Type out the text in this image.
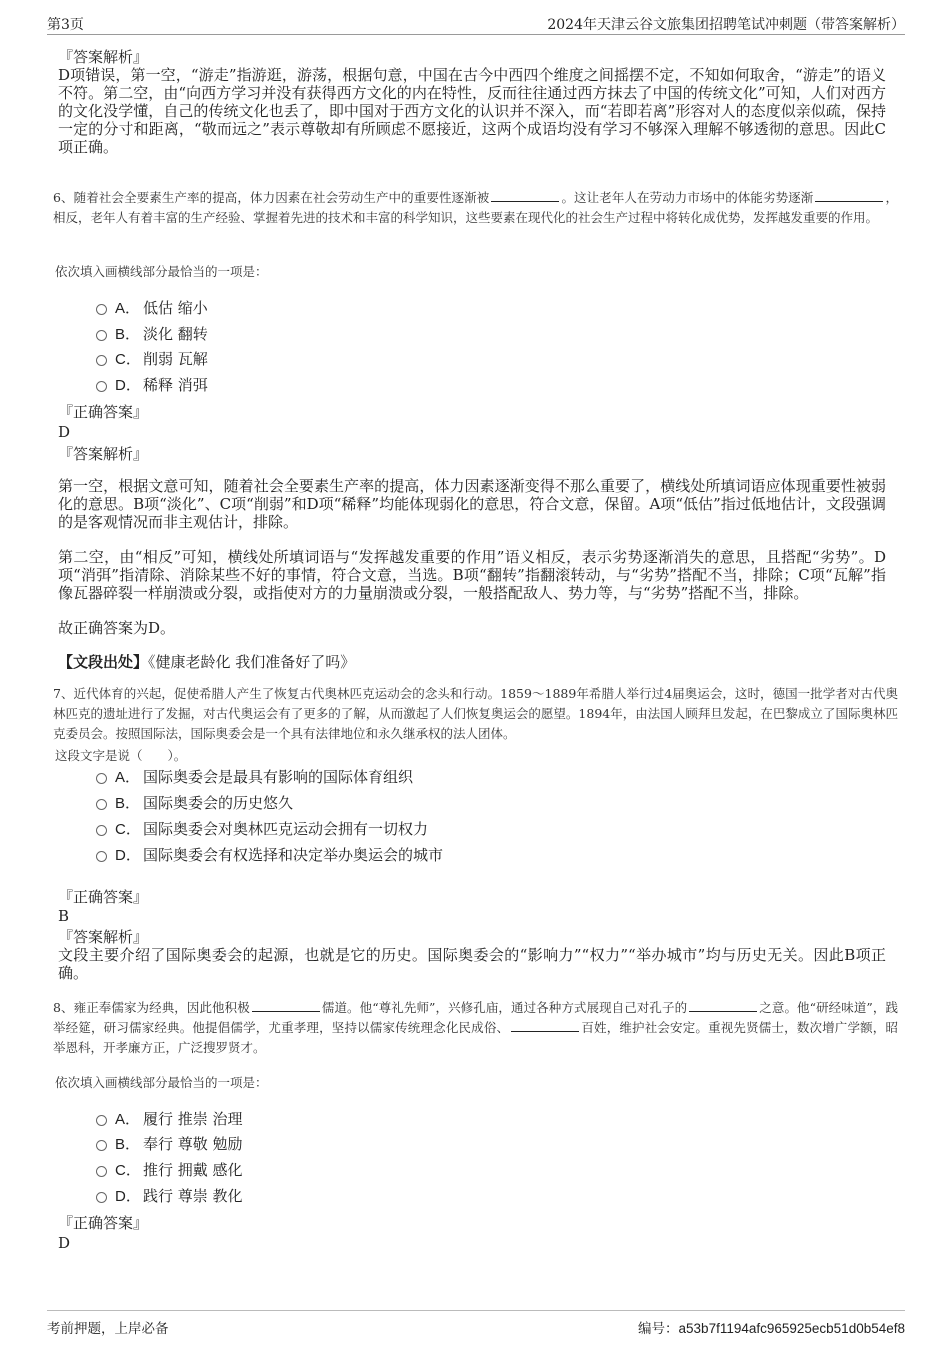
第3页	2024年天津云谷文旅集团招聘笔试冲刺题（带答案解析）
『答案解析』
D项错误，第一空，“游走”指游逛，游荡，根据句意，中国在古今中西四个维度之间摇摆不定，不知如何取舍，“游走”的语义不符。第二空，由“向西方学习并没有获得西方文化的内在特性，反而往往通过西方抹去了中国的传统文化”可知，人们对西方的文化没学懂，自己的传统文化也丢了，即中国对于西方文化的认识并不深入，而“若即若离”形容对人的态度似亲似疏，保持一定的分寸和距离，“敬而远之”表示尊敬却有所顾虑不愿接近，这两个成语均没有学习不够深入理解不够透彻的意思。因此C项正确。
6、随着社会全要素生产率的提高，体力因素在社会劳动生产中的重要性逐渐被	。这让老年人在劳动力市场中的体能劣势逐渐	，相反，老年人有着丰富的生产经验、掌握着先进的技术和丰富的科学知识，这些要素在现代化的社会生产过程中将转化成优势，发挥越发重要的作用。
依次填入画横线部分最恰当的一项是：
A． 低估 缩小
B． 淡化 翻转
C． 削弱 瓦解
D． 稀释 消弭
『正确答案』
D
『答案解析』
第一空，根据文意可知，随着社会全要素生产率的提高，体力因素逐渐变得不那么重要了，横线处所填词语应体现重要性被弱化的意思。B项“淡化”、C项“削弱”和D项“稀释”均能体现弱化的意思，符合文意，保留。A项“低估”指过低地估计，文段强调的是客观情况而非主观估计，排除。
第二空，由“相反”可知，横线处所填词语与“发挥越发重要的作用”语义相反，表示劣势逐渐消失的意思，且搭配“劣势”。D项“消弭”指清除、消除某些不好的事情，符合文意，当选。B项“翻转”指翻滚转动，与“劣势”搭配不当，排除；C项“瓦解”指像瓦器碎裂一样崩溃或分裂，或指使对方的力量崩溃或分裂，一般搭配敌人、势力等，与“劣势”搭配不当，排除。
故正确答案为D。
【文段出处】《健康老龄化 我们准备好了吗》
7、近代体育的兴起，促使希腊人产生了恢复古代奥林匹克运动会的念头和行动。1859～1889年希腊人举行过4届奥运会，这时，德国一批学者对古代奥林匹克的遗址进行了发掘，对古代奥运会有了更多的了解，从而激起了人们恢复奥运会的愿望。1894年，由法国人顾拜旦发起，在巴黎成立了国际奥林匹克委员会。按照国际法，国际奥委会是一个具有法律地位和永久继承权的法人团体。
这段文字是说（　　）。
A． 国际奥委会是最具有影响的国际体育组织
B． 国际奥委会的历史悠久
C． 国际奥委会对奥林匹克运动会拥有一切权力
D． 国际奥委会有权选择和决定举办奥运会的城市
『正确答案』
B
『答案解析』
文段主要介绍了国际奥委会的起源，也就是它的历史。国际奥委会的“影响力”“权力”“举办城市”均与历史无关。因此B项正确。
8、雍正奉儒家为经典，因此他积极	儒道。他“尊礼先师”，兴修孔庙，通过各种方式展现自己对孔子的	之意。他“研经味道”，践举经筵，研习儒家经典。他提倡儒学，尤重孝理，坚持以儒家传统理念化民成俗、	百姓，维护社会安定。重视先贤儒士，数次增广学额，昭举恩科，开孝廉方正，广泛搜罗贤才。
依次填入画横线部分最恰当的一项是：
A． 履行 推崇 治理
B． 奉行 尊敬 勉励
C． 推行 拥戴 感化
D． 践行 尊崇 教化
『正确答案』
D
考前押题，上岸必备	编号：a53b7f1194afc965925ecb51d0b54ef8
